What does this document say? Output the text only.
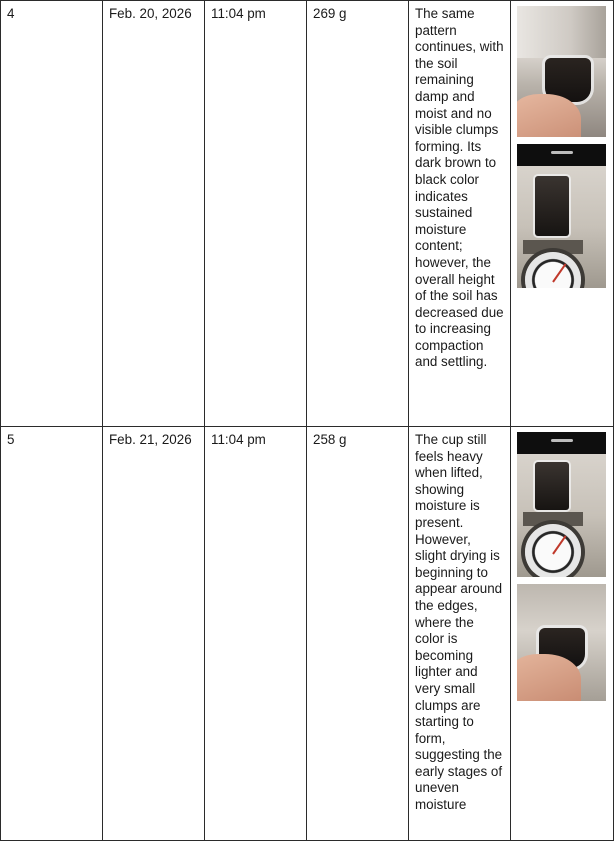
4	Feb. 20, 2026	11:04 pm	269 g	The same pattern continues, with the soil remaining damp and moist and no visible clumps forming. Its dark brown to black color indicates sustained moisture content; however, the overall height of the soil has decreased due to increasing compaction and settling.	

5	Feb. 21, 2026	11:04 pm	258 g	The cup still feels heavy when lifted, showing moisture is present. However, slight drying is beginning to appear around the edges, where the color is becoming lighter and very small clumps are starting to form, suggesting the early stages of uneven moisture	
